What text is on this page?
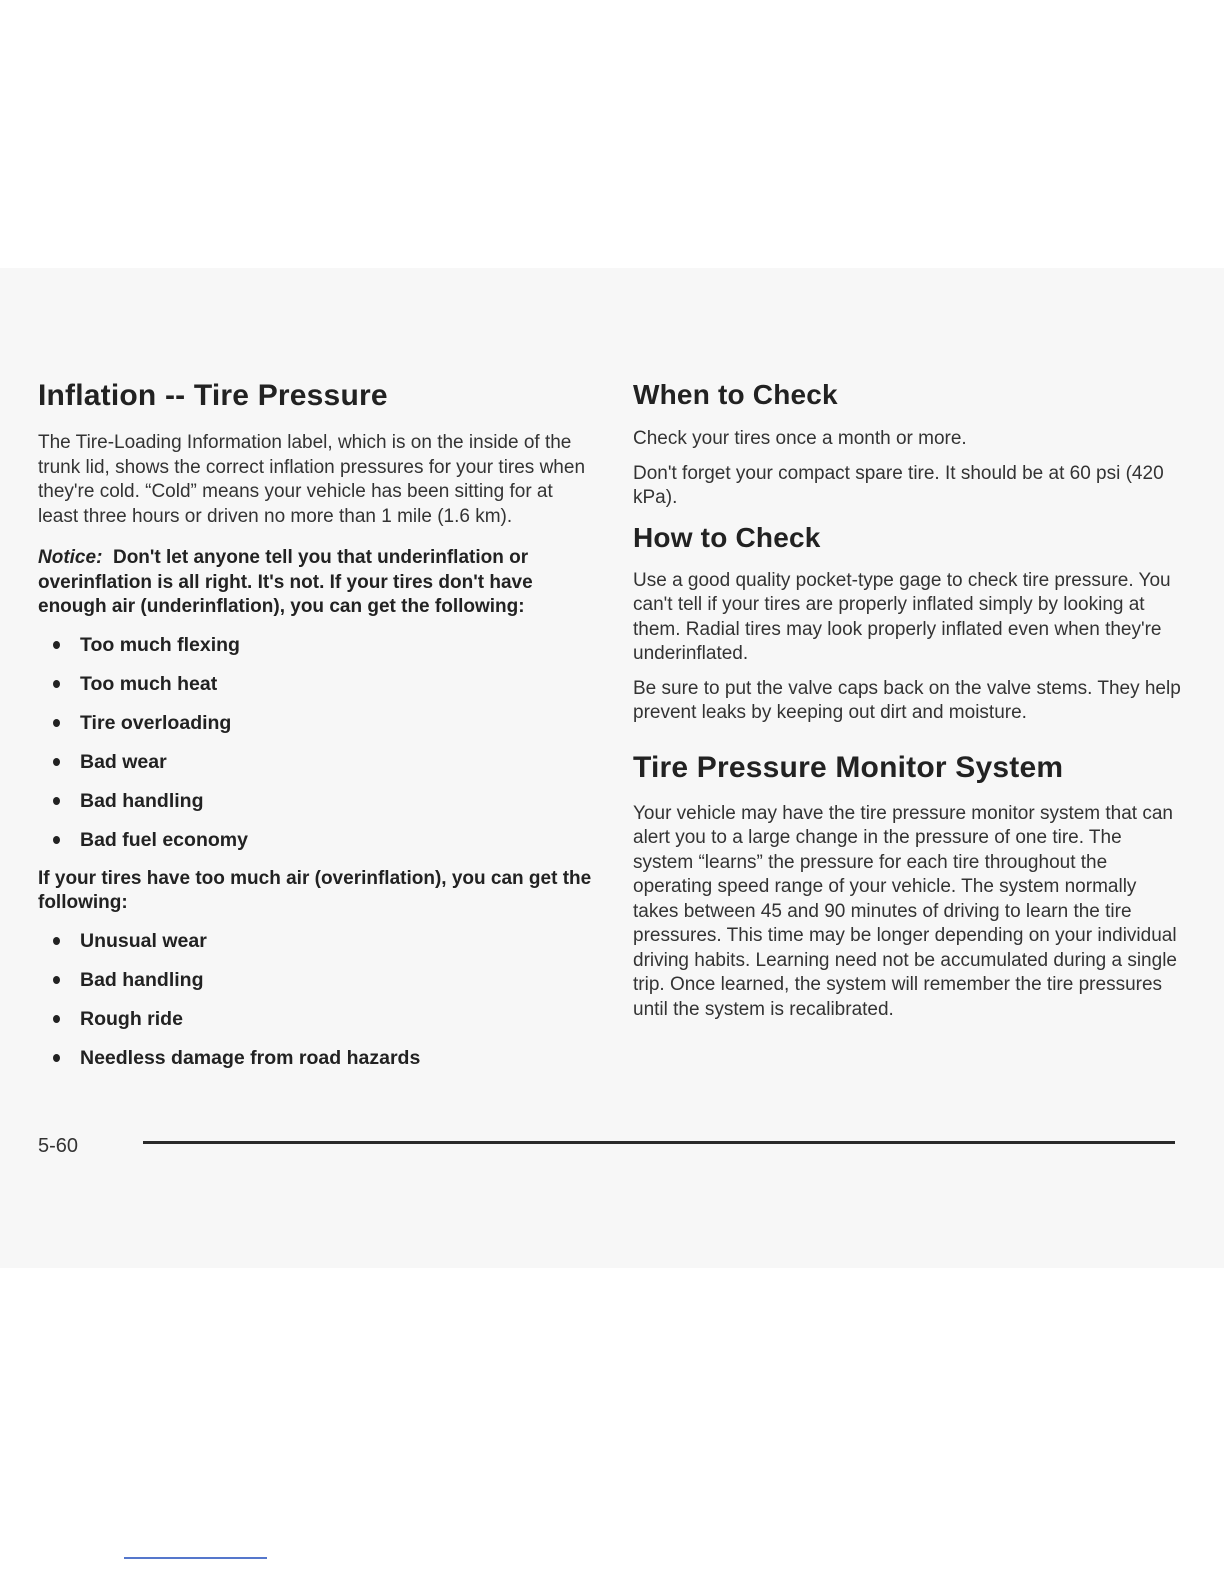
Inflation -- Tire Pressure

The Tire-Loading Information label, which is on the inside of the trunk lid, shows the correct inflation pressures for your tires when they're cold. “Cold” means your vehicle has been sitting for at least three hours or driven no more than 1 mile (1.6 km).

Notice: Don't let anyone tell you that underinflation or overinflation is all right. It's not. If your tires don't have enough air (underinflation), you can get the following:

Too much flexing
Too much heat
Tire overloading
Bad wear
Bad handling
Bad fuel economy

If your tires have too much air (overinflation), you can get the following:

Unusual wear
Bad handling
Rough ride
Needless damage from road hazards
When to Check

Check your tires once a month or more.

Don't forget your compact spare tire. It should be at 60 psi (420 kPa).

How to Check

Use a good quality pocket-type gage to check tire pressure. You can't tell if your tires are properly inflated simply by looking at them. Radial tires may look properly inflated even when they're underinflated.

Be sure to put the valve caps back on the valve stems. They help prevent leaks by keeping out dirt and moisture.

Tire Pressure Monitor System

Your vehicle may have the tire pressure monitor system that can alert you to a large change in the pressure of one tire. The system “learns” the pressure for each tire throughout the operating speed range of your vehicle. The system normally takes between 45 and 90 minutes of driving to learn the tire pressures. This time may be longer depending on your individual driving habits. Learning need not be accumulated during a single trip. Once learned, the system will remember the tire pressures until the system is recalibrated.

5-60
